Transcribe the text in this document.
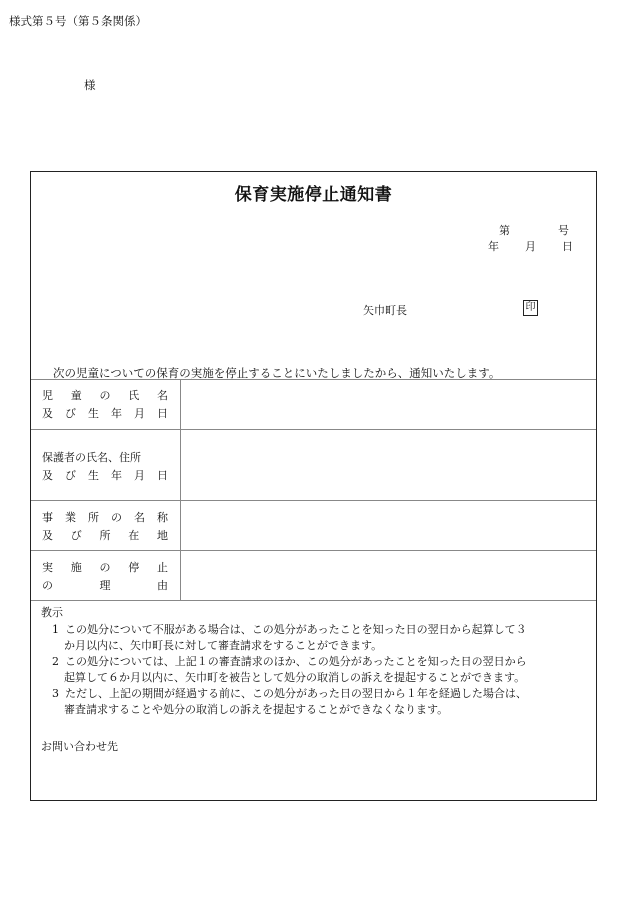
様式第５号（第５条関係）
様
保育実施停止通知書
第	号
年 月 日
矢巾町長	印
次の児童についての保育の実施を停止することにいたしましたから、通知いたします。
児 童 の 氏 名
及 び 生 年 月 日
保護者の氏名、住所
及 び 生 年 月 日
事 業 所 の 名 称
及 び 所 在 地
実 施 の 停 止
の	理	由
教示
1 この処分について不服がある場合は、この処分があったことを知った日の翌日から起算して３
か月以内に、矢巾町長に対して審査請求をすることができます。
2 この処分については、上記１の審査請求のほか、この処分があったことを知った日の翌日から
起算して６か月以内に、矢巾町を被告として処分の取消しの訴えを提起することができます。
3 ただし、上記の期間が経過する前に、この処分があった日の翌日から１年を経過した場合は、
審査請求することや処分の取消しの訴えを提起することができなくなります。
お問い合わせ先
